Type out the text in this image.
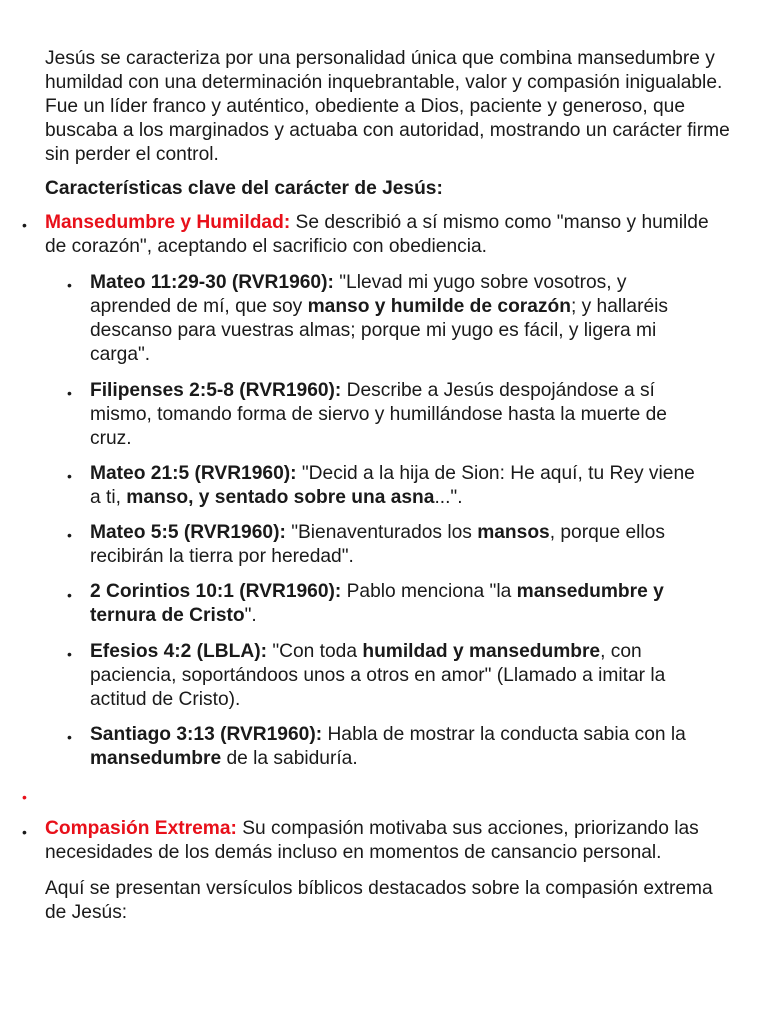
Jesús se caracteriza por una personalidad única que combina mansedumbre y humildad con una determinación inquebrantable, valor y compasión inigualable. Fue un líder franco y auténtico, obediente a Dios, paciente y generoso, que buscaba a los marginados y actuaba con autoridad, mostrando un carácter firme sin perder el control.
Características clave del carácter de Jesús:
• Mansedumbre y Humildad: Se describió a sí mismo como "manso y humilde de corazón", aceptando el sacrificio con obediencia.
• Mateo 11:29-30 (RVR1960): "Llevad mi yugo sobre vosotros, y aprended de mí, que soy manso y humilde de corazón; y hallaréis descanso para vuestras almas; porque mi yugo es fácil, y ligera mi carga".
• Filipenses 2:5-8 (RVR1960): Describe a Jesús despojándose a sí mismo, tomando forma de siervo y humillándose hasta la muerte de cruz.
• Mateo 21:5 (RVR1960): "Decid a la hija de Sion: He aquí, tu Rey viene a ti, manso, y sentado sobre una asna...".
• Mateo 5:5 (RVR1960): "Bienaventurados los mansos, porque ellos recibirán la tierra por heredad".
• 2 Corintios 10:1 (RVR1960): Pablo menciona "la mansedumbre y ternura de Cristo".
• Efesios 4:2 (LBLA): "Con toda humildad y mansedumbre, con paciencia, soportándoos unos a otros en amor" (Llamado a imitar la actitud de Cristo).
• Santiago 3:13 (RVR1960): Habla de mostrar la conducta sabia con la mansedumbre de la sabiduría.
•
• Compasión Extrema: Su compasión motivaba sus acciones, priorizando las necesidades de los demás incluso en momentos de cansancio personal.
Aquí se presentan versículos bíblicos destacados sobre la compasión extrema de Jesús:
